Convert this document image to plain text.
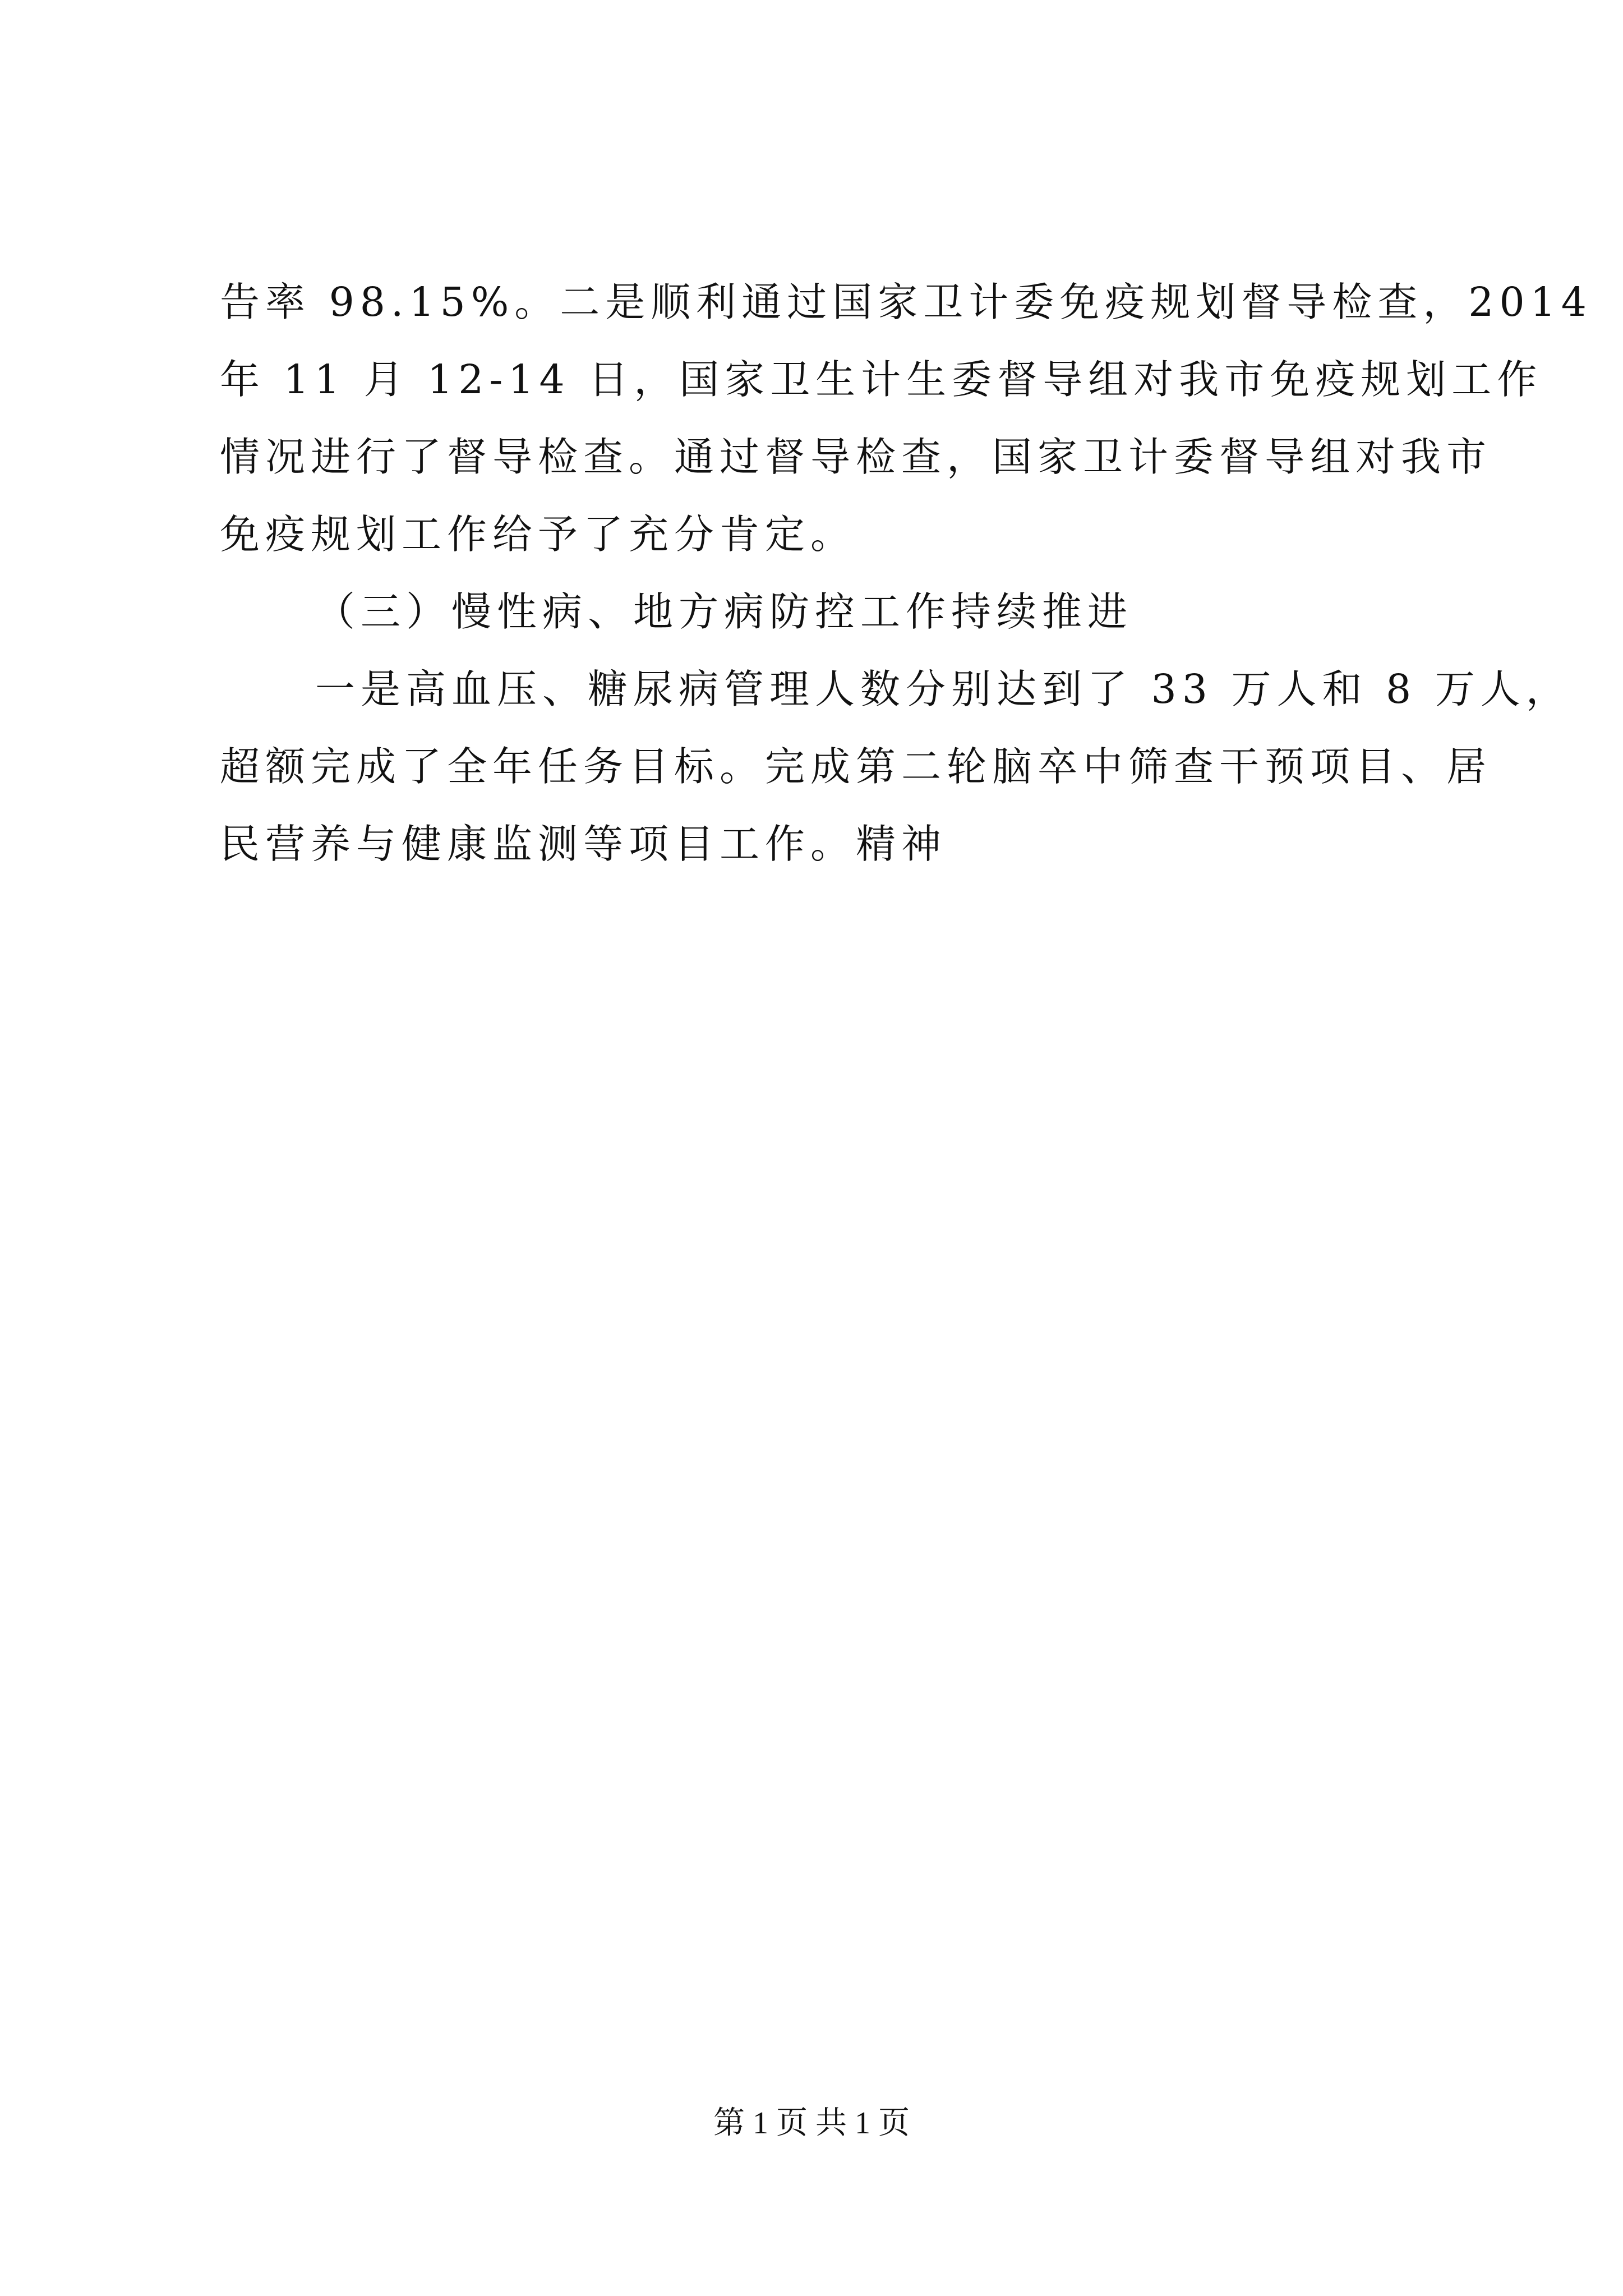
告率 98.15%。二是顺利通过国家卫计委免疫规划督导检查，2014
年 11 月 12-14 日，国家卫生计生委督导组对我市免疫规划工作
情况进行了督导检查。通过督导检查，国家卫计委督导组对我市
免疫规划工作给予了充分肯定。
（三）慢性病、地方病防控工作持续推进
一是高血压、糖尿病管理人数分别达到了 33 万人和 8 万人，
超额完成了全年任务目标。完成第二轮脑卒中筛查干预项目、居
民营养与健康监测等项目工作。精神
第 1 页 共 1 页
